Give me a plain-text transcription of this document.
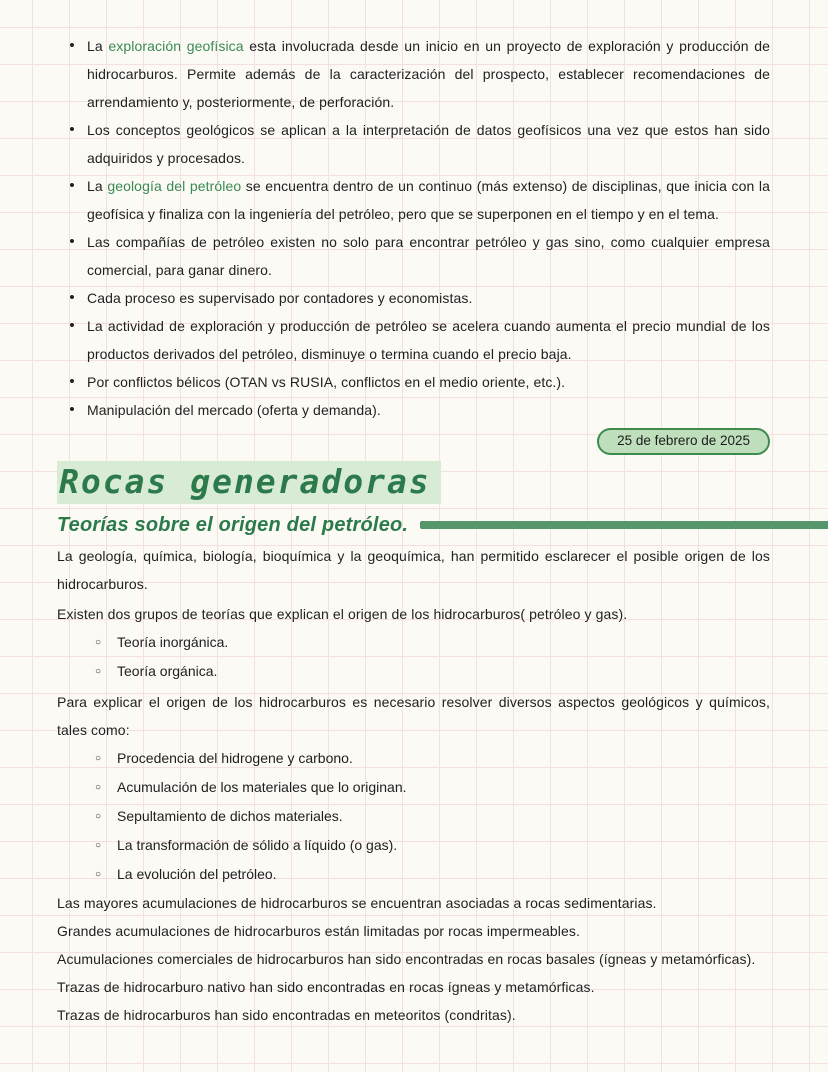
• La exploración geofísica esta involucrada desde un inicio en un proyecto de exploración y producción de hidrocarburos. Permite además de la caracterización del prospecto, establecer recomendaciones de arrendamiento y, posteriormente, de perforación.
• Los conceptos geológicos se aplican a la interpretación de datos geofísicos una vez que estos han sido adquiridos y procesados.
• La geología del petróleo se encuentra dentro de un continuo (más extenso) de disciplinas, que inicia con la geofísica y finaliza con la ingeniería del petróleo, pero que se superponen en el tiempo y en el tema.
• Las compañías de petróleo existen no solo para encontrar petróleo y gas sino, como cualquier empresa comercial, para ganar dinero.
• Cada proceso es supervisado por contadores y economistas.
• La actividad de exploración y producción de petróleo se acelera cuando aumenta el precio mundial de los productos derivados del petróleo, disminuye o termina cuando el precio baja.
• Por conflictos bélicos (OTAN vs RUSIA, conflictos en el medio oriente, etc.).
• Manipulación del mercado (oferta y demanda).
25 de febrero de 2025
Rocas generadoras
Teorías sobre el origen del petróleo.

La geología, química, biología, bioquímica y la geoquímica, han permitido esclarecer el posible origen de los hidrocarburos.

Existen dos grupos de teorías que explican el origen de los hidrocarburos( petróleo y gas).

○	Teoría inorgánica.
○	Teoría orgánica.

Para explicar el origen de los hidrocarburos es necesario resolver diversos aspectos geológicos y químicos, tales como:

○	Procedencia del hidrogene y carbono.
○	Acumulación de los materiales que lo originan.
○	Sepultamiento de dichos materiales.
○	La transformación de sólido a líquido (o gas).
○	La evolución del petróleo.

Las mayores acumulaciones de hidrocarburos se encuentran asociadas a rocas sedimentarias.

Grandes acumulaciones de hidrocarburos están limitadas por rocas impermeables.

Acumulaciones comerciales de hidrocarburos han sido encontradas en rocas basales (ígneas y metamórficas).

Trazas de hidrocarburo nativo han sido encontradas en rocas ígneas y metamórficas.

Trazas de hidrocarburos han sido encontradas en meteoritos (condritas).
